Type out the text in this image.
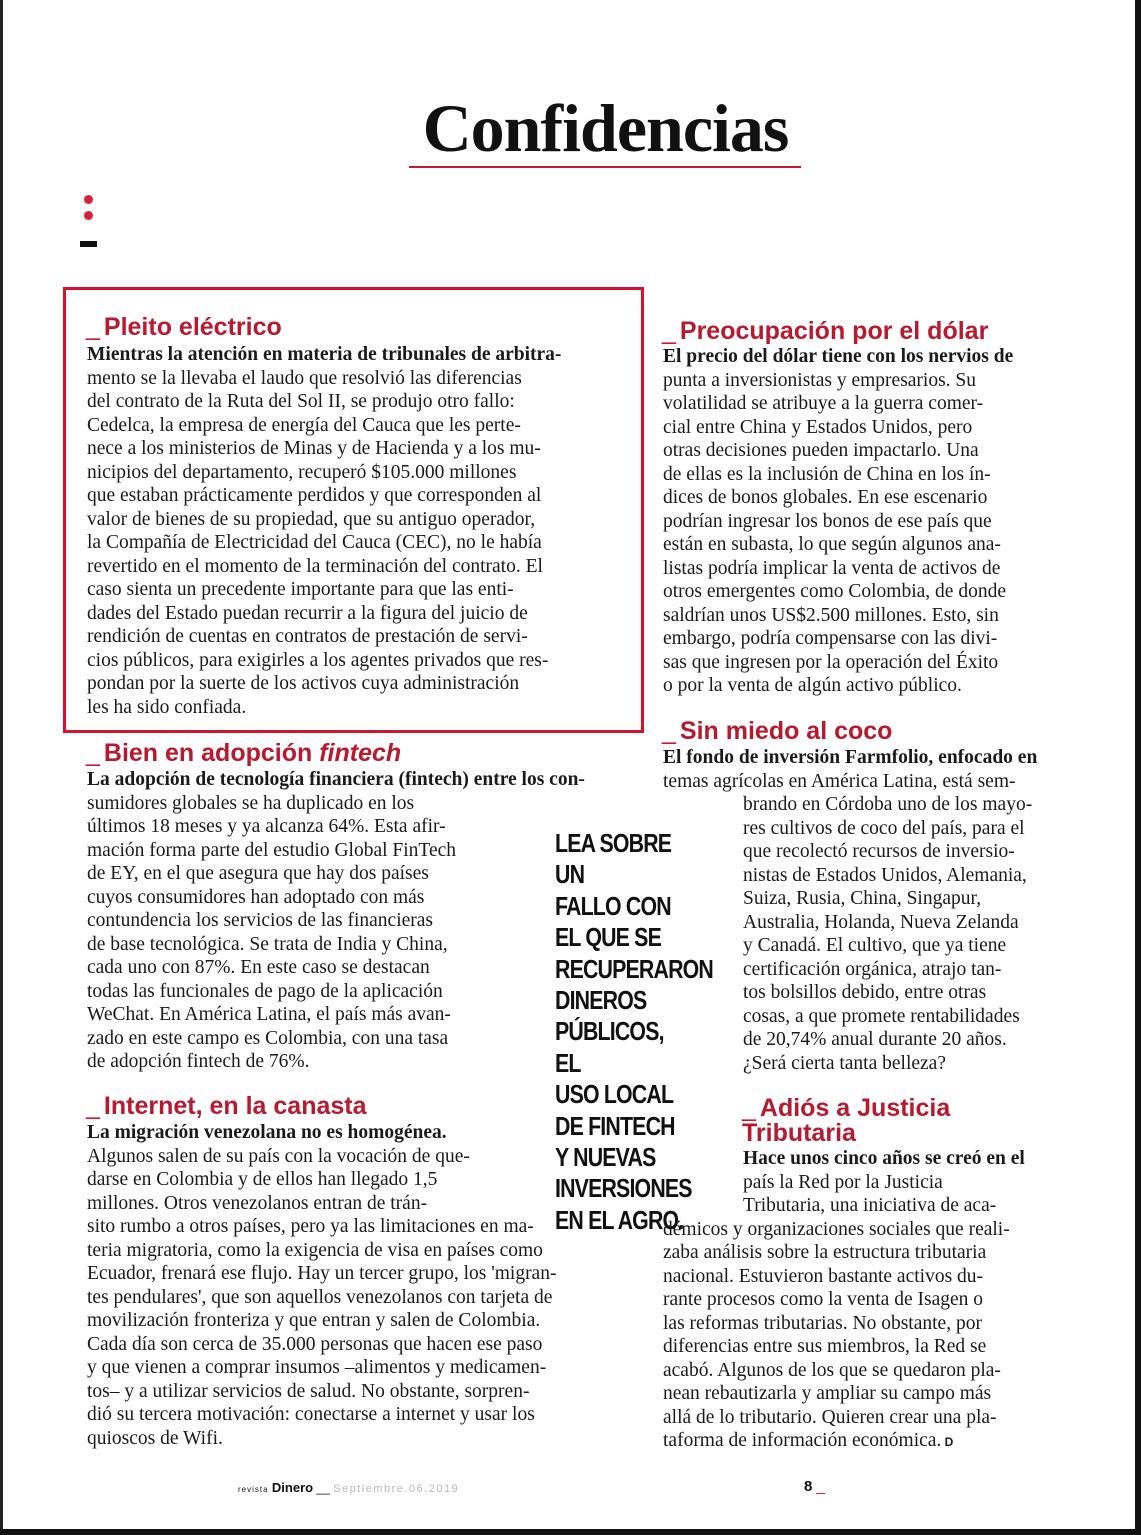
Confidencias
_ Pleito eléctrico
Mientras la atención en materia de tribunales de arbitra-
mento se la llevaba el laudo que resolvió las diferencias
del contrato de la Ruta del Sol II, se produjo otro fallo:
Cedelca, la empresa de energía del Cauca que les perte-
nece a los ministerios de Minas y de Hacienda y a los mu-
nicipios del departamento, recuperó $105.000 millones
que estaban prácticamente perdidos y que corresponden al
valor de bienes de su propiedad, que su antiguo operador,
la Compañía de Electricidad del Cauca (CEC), no le había
revertido en el momento de la terminación del contrato. El
caso sienta un precedente importante para que las enti-
dades del Estado puedan recurrir a la figura del juicio de
rendición de cuentas en contratos de prestación de servi-
cios públicos, para exigirles a los agentes privados que res-
pondan por la suerte de los activos cuya administración
les ha sido confiada.
_ Bien en adopción fintech
La adopción de tecnología financiera (fintech) entre los con-
sumidores globales se ha duplicado en los
últimos 18 meses y ya alcanza 64%. Esta afir-
mación forma parte del estudio Global FinTech
de EY, en el que asegura que hay dos países
cuyos consumidores han adoptado con más
contundencia los servicios de las financieras
de base tecnológica. Se trata de India y China,
cada uno con 87%. En este caso se destacan
todas las funcionales de pago de la aplicación
WeChat. En América Latina, el país más avan-
zado en este campo es Colombia, con una tasa
de adopción fintech de 76%.
_ Internet, en la canasta
La migración venezolana no es homogénea.
Algunos salen de su país con la vocación de que-
darse en Colombia y de ellos han llegado 1,5
millones. Otros venezolanos entran de trán-
sito rumbo a otros países, pero ya las limitaciones en ma-
teria migratoria, como la exigencia de visa en países como
Ecuador, frenará ese flujo. Hay un tercer grupo, los 'migran-
tes pendulares', que son aquellos venezolanos con tarjeta de
movilización fronteriza y que entran y salen de Colombia.
Cada día son cerca de 35.000 personas que hacen ese paso
y que vienen a comprar insumos –alimentos y medicamen-
tos– y a utilizar servicios de salud. No obstante, sorpren-
dió su tercera motivación: conectarse a internet y usar los
quioscos de Wifi.
LEA SOBRE UN
FALLO CON
EL QUE SE
RECUPERARON
DINEROS
PÚBLICOS, EL
USO LOCAL
DE FINTECH
Y NUEVAS
INVERSIONES
EN EL AGRO.
_ Preocupación por el dólar
El precio del dólar tiene con los nervios de
punta a inversionistas y empresarios. Su
volatilidad se atribuye a la guerra comer-
cial entre China y Estados Unidos, pero
otras decisiones pueden impactarlo. Una
de ellas es la inclusión de China en los ín-
dices de bonos globales. En ese escenario
podrían ingresar los bonos de ese país que
están en subasta, lo que según algunos ana-
listas podría implicar la venta de activos de
otros emergentes como Colombia, de donde
saldrían unos US$2.500 millones. Esto, sin
embargo, podría compensarse con las divi-
sas que ingresen por la operación del Éxito
o por la venta de algún activo público.
_ Sin miedo al coco
El fondo de inversión Farmfolio, enfocado en
temas agrícolas en América Latina, está sem-
brando en Córdoba uno de los mayo-
res cultivos de coco del país, para el
que recolectó recursos de inversio-
nistas de Estados Unidos, Alemania,
Suiza, Rusia, China, Singapur,
Australia, Holanda, Nueva Zelanda
y Canadá. El cultivo, que ya tiene
certificación orgánica, atrajo tan-
tos bolsillos debido, entre otras
cosas, a que promete rentabilidades
de 20,74% anual durante 20 años.
¿Será cierta tanta belleza?
_ Adiós a Justicia
Tributaria
Hace unos cinco años se creó en el
país la Red por la Justicia
Tributaria, una iniciativa de aca-
démicos y organizaciones sociales que reali-
zaba análisis sobre la estructura tributaria
nacional. Estuvieron bastante activos du-
rante procesos como la venta de Isagen o
las reformas tributarias. No obstante, por
diferencias entre sus miembros, la Red se
acabó. Algunos de los que se quedaron pla-
nean rebautizarla y ampliar su campo más
allá de lo tributario. Quieren crear una pla-
taforma de información económica. D
revista Dinero __ Septiembre.06.2019	8 _
